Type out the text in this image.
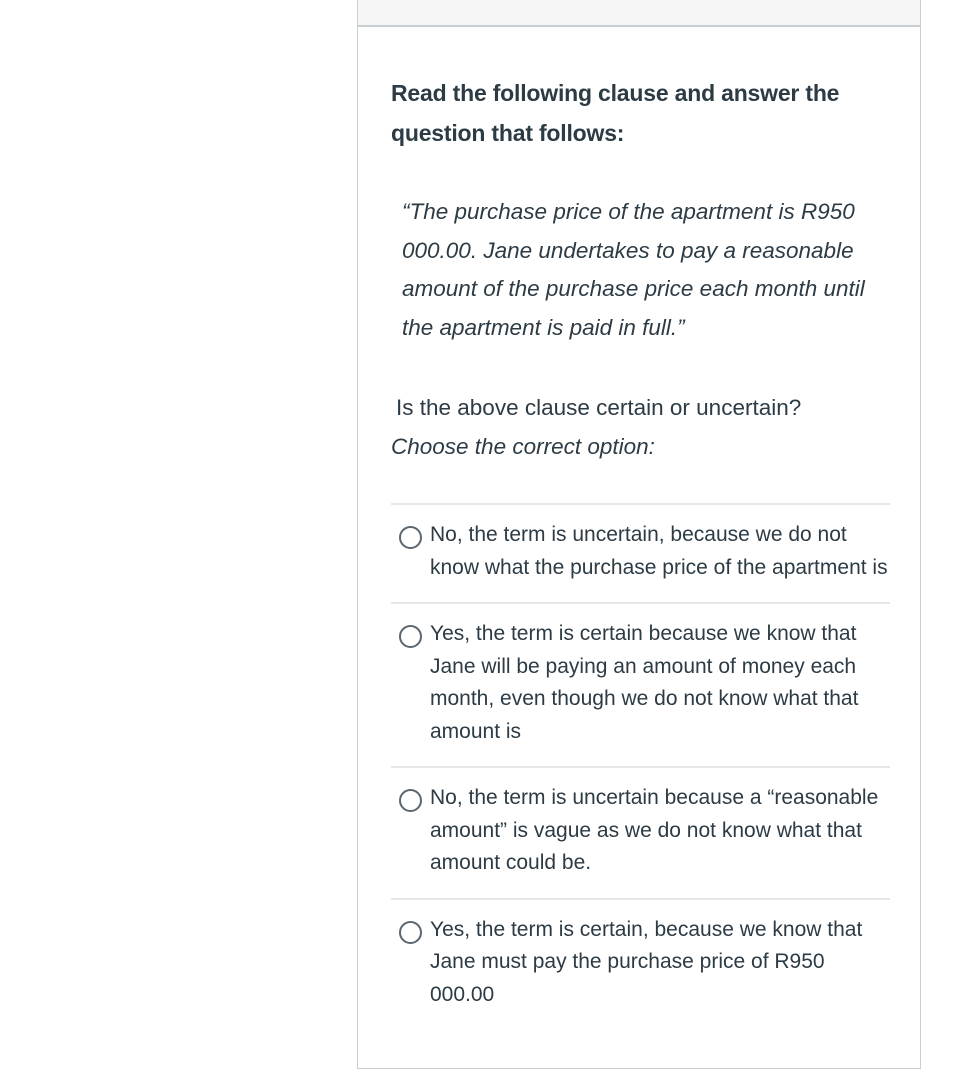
Read the following clause and answer the question that follows:
“The purchase price of the apartment is R950 000.00. Jane undertakes to pay a reasonable amount of the purchase price each month until the apartment is paid in full.”
Is the above clause certain or uncertain?
Choose the correct option:
No, the term is uncertain, because we do not know what the purchase price of the apartment is
Yes, the term is certain because we know that Jane will be paying an amount of money each month, even though we do not know what that amount is
No, the term is uncertain because a “reasonable amount” is vague as we do not know what that amount could be.
Yes, the term is certain, because we know that Jane must pay the purchase price of R950 000.00
